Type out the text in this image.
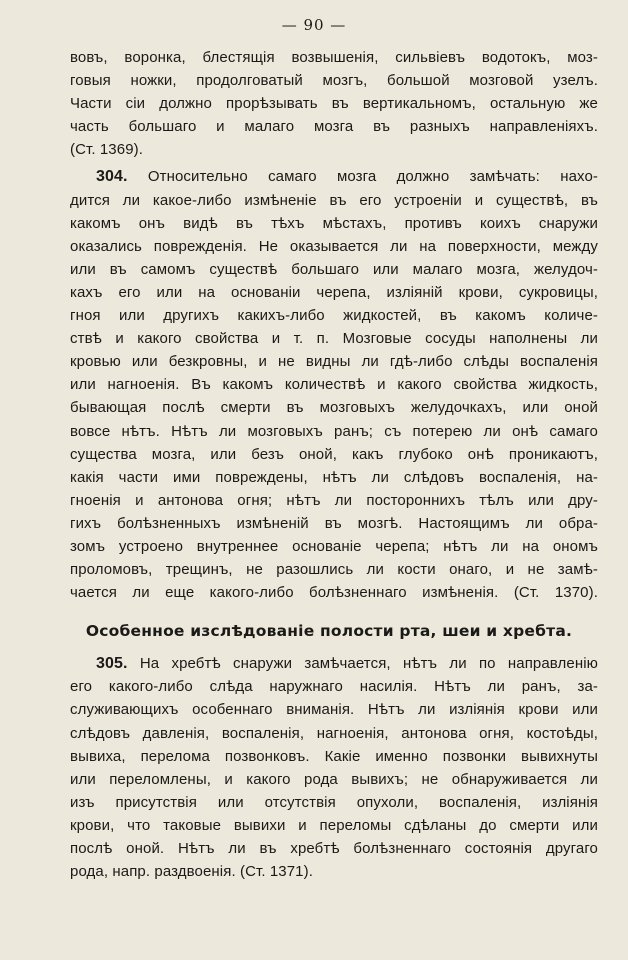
— 90 —
вовъ, воронка, блестящія возвышенія, сильвіевъ водотокъ, моз-
говыя ножки, продолговатый мозгъ, большой мозговой узелъ.
Части сіи должно прорѣзывать въ вертикальномъ, остальную же
часть большаго и малаго мозга въ разныхъ направленіяхъ.
(Ст. 1369).
304. Относительно самаго мозга должно замѣчать: нахо-
дится ли какое-либо измѣненіе въ его устроеніи и существѣ, въ
какомъ онъ видѣ въ тѣхъ мѣстахъ, противъ коихъ снаружи
оказались поврежденія. Не оказывается ли на поверхности, между
или въ самомъ существѣ большаго или малаго мозга, желудоч-
кахъ его или на основаніи черепа, изліяній крови, сукровицы,
гноя или другихъ какихъ-либо жидкостей, въ какомъ количе-
ствѣ и какого свойства и т. п. Мозговые сосуды наполнены ли
кровью или безкровны, и не видны ли гдѣ-либо слѣды воспаленія
или нагноенія. Въ какомъ количествѣ и какого свойства жидкость,
бывающая послѣ смерти въ мозговыхъ желудочкахъ, или оной
вовсе нѣтъ. Нѣтъ ли мозговыхъ ранъ; съ потерею ли онѣ самаго
существа мозга, или безъ оной, какъ глубоко онѣ проникаютъ,
какія части ими повреждены, нѣтъ ли слѣдовъ воспаленія, на-
гноенія и антонова огня; нѣтъ ли постороннихъ тѣлъ или дру-
гихъ болѣзненныхъ измѣненій въ мозгѣ. Настоящимъ ли обра-
зомъ устроено внутреннее основаніе черепа; нѣтъ ли на ономъ
проломовъ, трещинъ, не разошлись ли кости онаго, и не замѣ-
чается ли еще какого-либо болѣзненнаго измѣненія. (Ст. 1370).
Особенное изслѣдованіе полости рта, шеи и хребта.
305. На хребтѣ снаружи замѣчается, нѣтъ ли по направленію
его какого-либо слѣда наружнаго насилія. Нѣтъ ли ранъ, за-
служивающихъ особеннаго вниманія. Нѣтъ ли изліянія крови или
слѣдовъ давленія, воспаленія, нагноенія, антонова огня, костоѣды,
вывиха, перелома позвонковъ. Какіе именно позвонки вывихнуты
или переломлены, и какого рода вывихъ; не обнаруживается ли
изъ присутствія или отсутствія опухоли, воспаленія, изліянія
крови, что таковые вывихи и переломы сдѣланы до смерти или
послѣ оной. Нѣтъ ли въ хребтѣ болѣзненнаго состоянія другаго
рода, напр. раздвоенія. (Ст. 1371).
